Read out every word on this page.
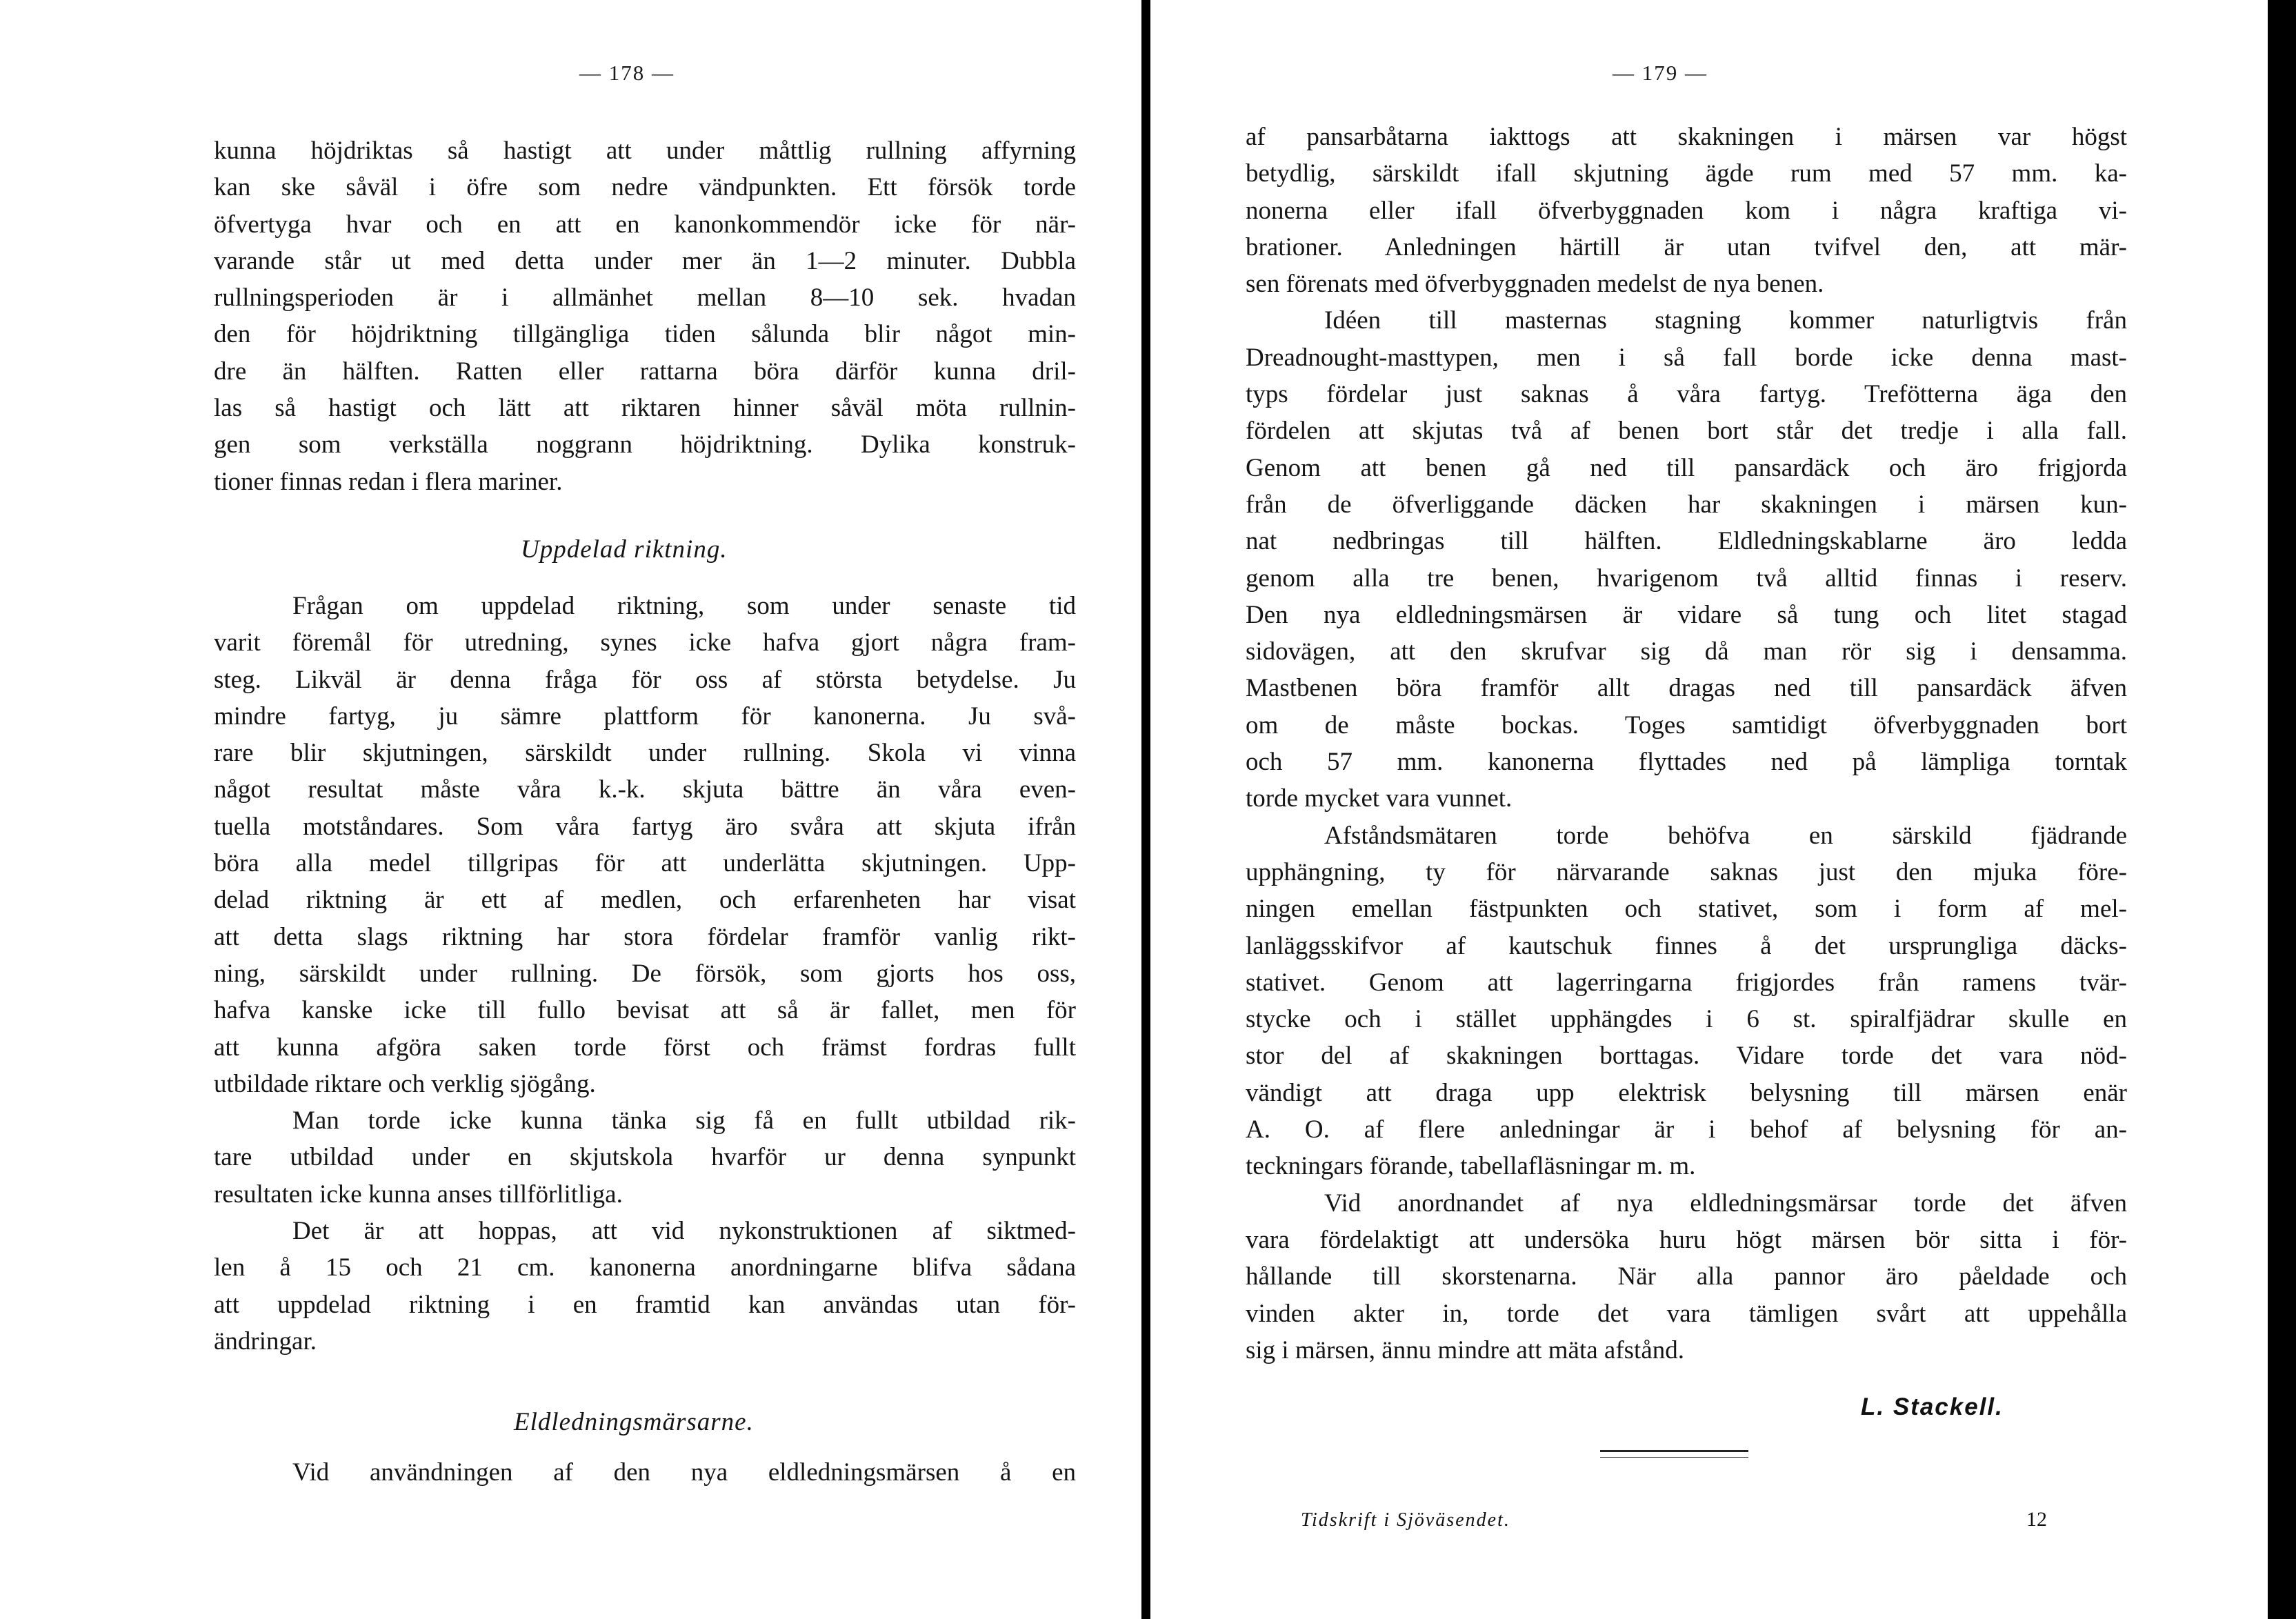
— 178 —
kunna höjdriktas så hastigt att under måttlig rullning affyrning
kan ske såväl i öfre som nedre vändpunkten. Ett försök torde
öfvertyga hvar och en att en kanonkommendör icke för när-
varande står ut med detta under mer än 1—2 minuter. Dubbla
rullningsperioden är i allmänhet mellan 8—10 sek. hvadan
den för höjdriktning tillgängliga tiden sålunda blir något min-
dre än hälften. Ratten eller rattarna böra därför kunna dril-
las så hastigt och lätt att riktaren hinner såväl möta rullnin-
gen som verkställa noggrann höjdriktning. Dylika konstruk-
tioner finnas redan i flera mariner.
Uppdelad riktning.
Frågan om uppdelad riktning, som under senaste tid
varit föremål för utredning, synes icke hafva gjort några fram-
steg. Likväl är denna fråga för oss af största betydelse. Ju
mindre fartyg, ju sämre plattform för kanonerna. Ju svå-
rare blir skjutningen, särskildt under rullning. Skola vi vinna
något resultat måste våra k.-k. skjuta bättre än våra even-
tuella motståndares. Som våra fartyg äro svåra att skjuta ifrån
böra alla medel tillgripas för att underlätta skjutningen. Upp-
delad riktning är ett af medlen, och erfarenheten har visat
att detta slags riktning har stora fördelar framför vanlig rikt-
ning, särskildt under rullning. De försök, som gjorts hos oss,
hafva kanske icke till fullo bevisat att så är fallet, men för
att kunna afgöra saken torde först och främst fordras fullt
utbildade riktare och verklig sjögång.
Man torde icke kunna tänka sig få en fullt utbildad rik-
tare utbildad under en skjutskola hvarför ur denna synpunkt
resultaten icke kunna anses tillförlitliga.
Det är att hoppas, att vid nykonstruktionen af siktmed-
len å 15 och 21 cm. kanonerna anordningarne blifva sådana
att uppdelad riktning i en framtid kan användas utan för-
ändringar.
Eldledningsmärsarne.
Vid användningen af den nya eldledningsmärsen å en
— 179 —
af pansarbåtarna iakttogs att skakningen i märsen var högst
betydlig, särskildt ifall skjutning ägde rum med 57 mm. ka-
nonerna eller ifall öfverbyggnaden kom i några kraftiga vi-
brationer. Anledningen härtill är utan tvifvel den, att mär-
sen förenats med öfverbyggnaden medelst de nya benen.
Idéen till masternas stagning kommer naturligtvis från
Dreadnought-masttypen, men i så fall borde icke denna mast-
typs fördelar just saknas å våra fartyg. Trefötterna äga den
fördelen att skjutas två af benen bort står det tredje i alla fall.
Genom att benen gå ned till pansardäck och äro frigjorda
från de öfverliggande däcken har skakningen i märsen kun-
nat nedbringas till hälften. Eldledningskablarne äro ledda
genom alla tre benen, hvarigenom två alltid finnas i reserv.
Den nya eldledningsmärsen är vidare så tung och litet stagad
sidovägen, att den skrufvar sig då man rör sig i densamma.
Mastbenen böra framför allt dragas ned till pansardäck äfven
om de måste bockas. Toges samtidigt öfverbyggnaden bort
och 57 mm. kanonerna flyttades ned på lämpliga torntak
torde mycket vara vunnet.
Afståndsmätaren torde behöfva en särskild fjädrande
upphängning, ty för närvarande saknas just den mjuka före-
ningen emellan fästpunkten och stativet, som i form af mel-
lanläggsskifvor af kautschuk finnes å det ursprungliga däcks-
stativet. Genom att lagerringarna frigjordes från ramens tvär-
stycke och i stället upphängdes i 6 st. spiralfjädrar skulle en
stor del af skakningen borttagas. Vidare torde det vara nöd-
vändigt att draga upp elektrisk belysning till märsen enär
A. O. af flere anledningar är i behof af belysning för an-
teckningars förande, tabellafläsningar m. m.
Vid anordnandet af nya eldledningsmärsar torde det äfven
vara fördelaktigt att undersöka huru högt märsen bör sitta i för-
hållande till skorstenarna. När alla pannor äro påeldade och
vinden akter in, torde det vara tämligen svårt att uppehålla
sig i märsen, ännu mindre att mäta afstånd.
L. Stackell.
Tidskrift i Sjöväsendet.	12
